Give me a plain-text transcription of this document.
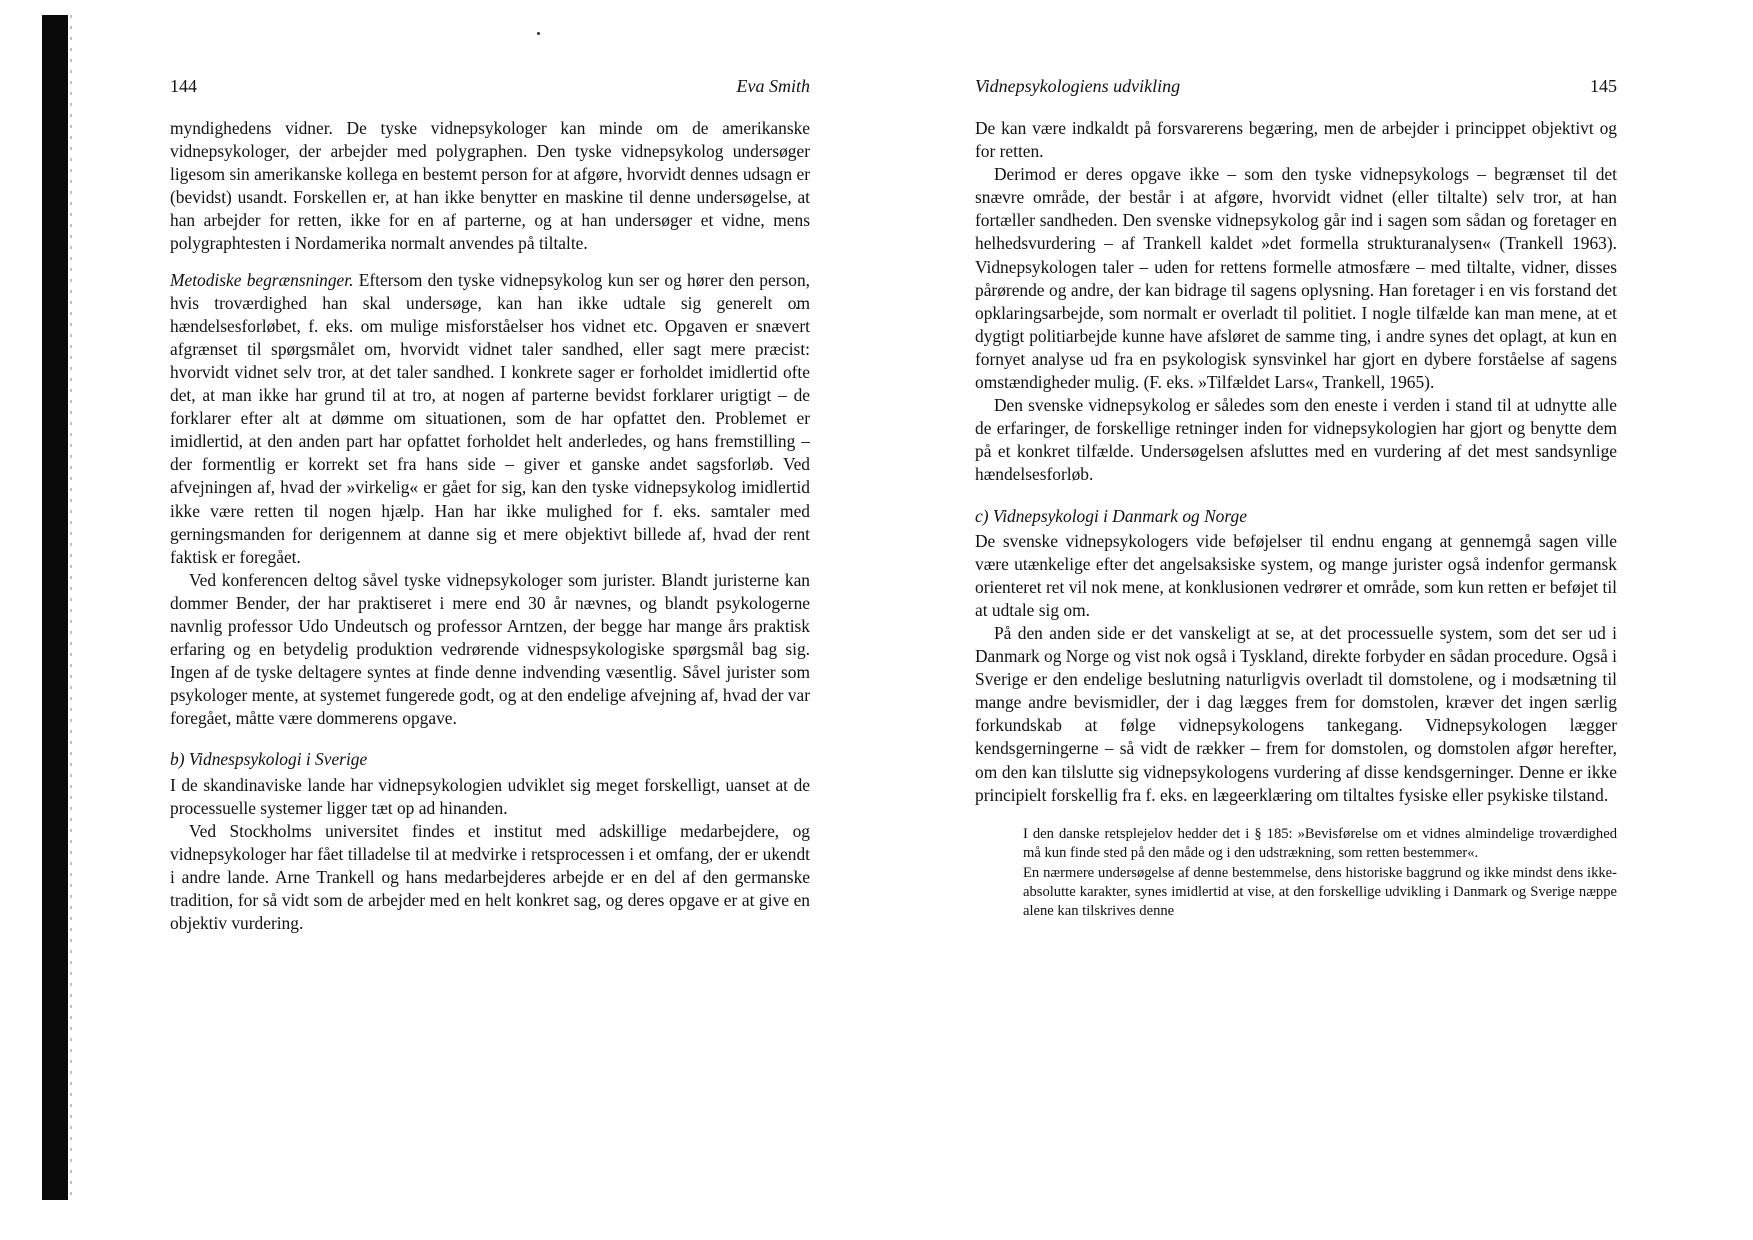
144	Eva Smith

myndighedens vidner. De tyske vidnepsykologer kan minde om de amerikanske vidnepsykologer, der arbejder med polygraphen. Den tyske vidnepsykolog undersøger ligesom sin amerikanske kollega en bestemt person for at afgøre, hvorvidt dennes udsagn er (bevidst) usandt. Forskellen er, at han ikke benytter en maskine til denne undersøgelse, at han arbejder for retten, ikke for en af parterne, og at han undersøger et vidne, mens polygraphtesten i Nordamerika normalt anvendes på tiltalte.

Metodiske begrænsninger. Eftersom den tyske vidnepsykolog kun ser og hører den person, hvis troværdighed han skal undersøge, kan han ikke udtale sig generelt om hændelsesforløbet, f. eks. om mulige misforståelser hos vidnet etc. Opgaven er snævert afgrænset til spørgsmålet om, hvorvidt vidnet taler sandhed, eller sagt mere præcist: hvorvidt vidnet selv tror, at det taler sandhed. I konkrete sager er forholdet imidlertid ofte det, at man ikke har grund til at tro, at nogen af parterne bevidst forklarer urigtigt – de forklarer efter alt at dømme om situationen, som de har opfattet den. Problemet er imidlertid, at den anden part har opfattet forholdet helt anderledes, og hans fremstilling – der formentlig er korrekt set fra hans side – giver et ganske andet sagsforløb. Ved afvejningen af, hvad der »virkelig« er gået for sig, kan den tyske vidnepsykolog imidlertid ikke være retten til nogen hjælp. Han har ikke mulighed for f. eks. samtaler med gerningsmanden for derigennem at danne sig et mere objektivt billede af, hvad der rent faktisk er foregået.

Ved konferencen deltog såvel tyske vidnepsykologer som jurister. Blandt juristerne kan dommer Bender, der har praktiseret i mere end 30 år nævnes, og blandt psykologerne navnlig professor Udo Undeutsch og professor Arntzen, der begge har mange års praktisk erfaring og en betydelig produktion vedrørende vidnespsykologiske spørgsmål bag sig. Ingen af de tyske deltagere syntes at finde denne indvending væsentlig. Såvel jurister som psykologer mente, at systemet fungerede godt, og at den endelige afvejning af, hvad der var foregået, måtte være dommerens opgave.

b) Vidnespsykologi i Sverige

I de skandinaviske lande har vidnepsykologien udviklet sig meget forskelligt, uanset at de processuelle systemer ligger tæt op ad hinanden.

Ved Stockholms universitet findes et institut med adskillige medarbejdere, og vidnepsykologer har fået tilladelse til at medvirke i retsprocessen i et omfang, der er ukendt i andre lande. Arne Trankell og hans medarbejderes arbejde er en del af den germanske tradition, for så vidt som de arbejder med en helt konkret sag, og deres opgave er at give en objektiv vurdering.

Vidnepsykologiens udvikling	145

De kan være indkaldt på forsvarerens begæring, men de arbejder i princippet objektivt og for retten.

Derimod er deres opgave ikke – som den tyske vidnepsykologs – begrænset til det snævre område, der består i at afgøre, hvorvidt vidnet (eller tiltalte) selv tror, at han fortæller sandheden. Den svenske vidnepsykolog går ind i sagen som sådan og foretager en helhedsvurdering – af Trankell kaldet »det formella strukturanalysen« (Trankell 1963). Vidnepsykologen taler – uden for rettens formelle atmosfære – med tiltalte, vidner, disses pårørende og andre, der kan bidrage til sagens oplysning. Han foretager i en vis forstand det opklaringsarbejde, som normalt er overladt til politiet. I nogle tilfælde kan man mene, at et dygtigt politiarbejde kunne have afsløret de samme ting, i andre synes det oplagt, at kun en fornyet analyse ud fra en psykologisk synsvinkel har gjort en dybere forståelse af sagens omstændigheder mulig. (F. eks. »Tilfældet Lars«, Trankell, 1965).

Den svenske vidnepsykolog er således som den eneste i verden i stand til at udnytte alle de erfaringer, de forskellige retninger inden for vidnepsykologien har gjort og benytte dem på et konkret tilfælde. Undersøgelsen afsluttes med en vurdering af det mest sandsynlige hændelsesforløb.

c) Vidnepsykologi i Danmark og Norge

De svenske vidnepsykologers vide beføjelser til endnu engang at gennemgå sagen ville være utænkelige efter det angelsaksiske system, og mange jurister også indenfor germansk orienteret ret vil nok mene, at konklusionen vedrører et område, som kun retten er beføjet til at udtale sig om.

På den anden side er det vanskeligt at se, at det processuelle system, som det ser ud i Danmark og Norge og vist nok også i Tyskland, direkte forbyder en sådan procedure. Også i Sverige er den endelige beslutning naturligvis overladt til domstolene, og i modsætning til mange andre bevismidler, der i dag lægges frem for domstolen, kræver det ingen særlig forkundskab at følge vidnepsykologens tankegang. Vidnepsykologen lægger kendsgerningerne – så vidt de rækker – frem for domstolen, og domstolen afgør herefter, om den kan tilslutte sig vidnepsykologens vurdering af disse kendsgerninger. Denne er ikke principielt forskellig fra f. eks. en lægeerklæring om tiltaltes fysiske eller psykiske tilstand.

I den danske retsplejelov hedder det i § 185: »Bevisførelse om et vidnes almindelige troværdighed må kun finde sted på den måde og i den udstrækning, som retten bestemmer«.

En nærmere undersøgelse af denne bestemmelse, dens historiske baggrund og ikke mindst dens ikke-absolutte karakter, synes imidlertid at vise, at den forskellige udvikling i Danmark og Sverige næppe alene kan tilskrives denne
